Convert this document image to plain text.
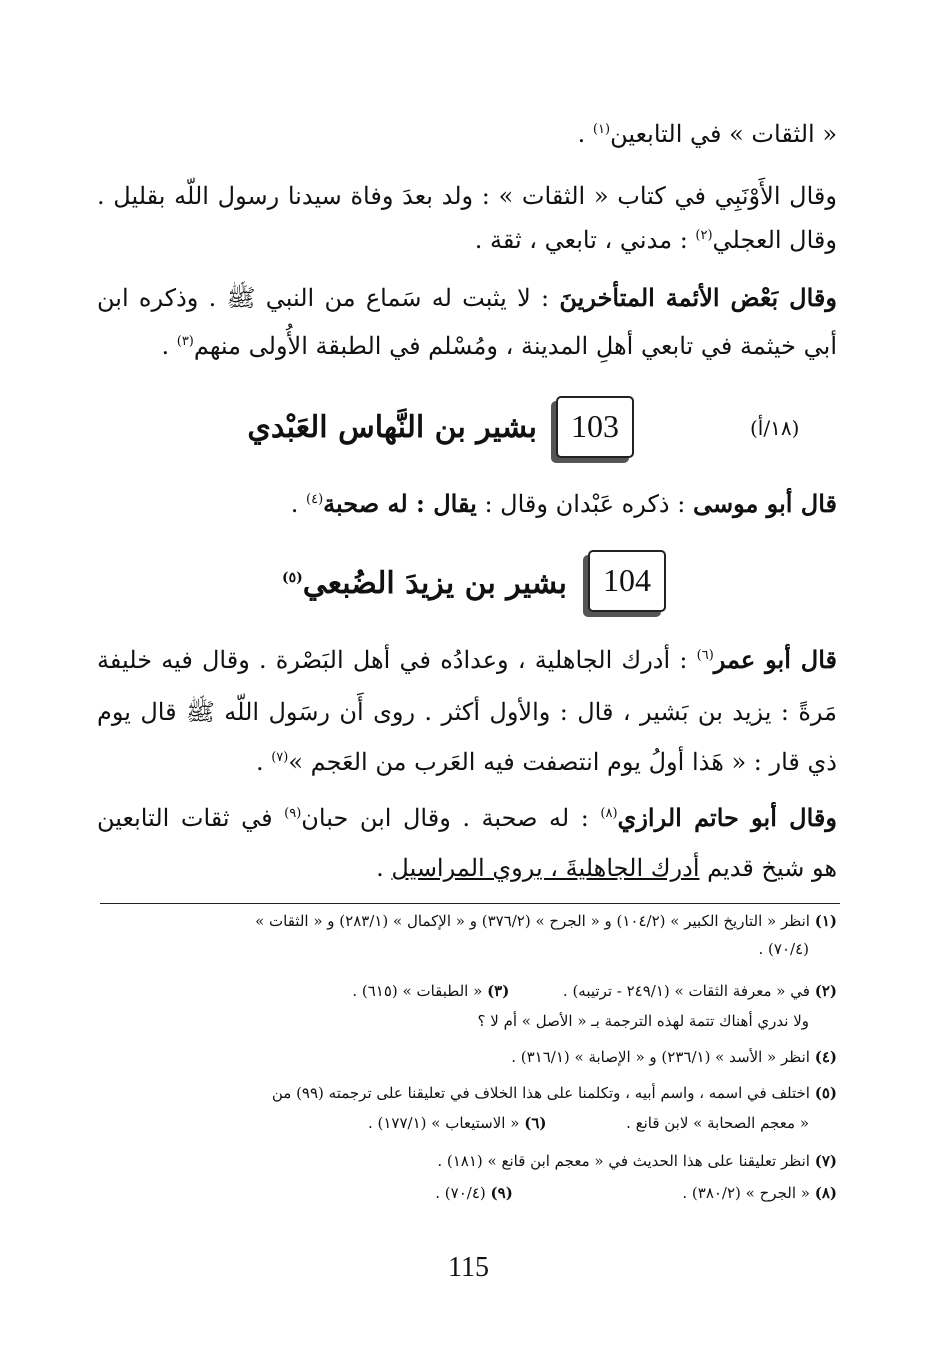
« الثقات » في التابعين$^{(١)}$ .
وقال الأَوْنَبِي في كتاب « الثقات » : ولد بعدَ وفاة سيدنا رسول اللّه بقليل .
وقال العجلي$^{(٢)}$ : مدني ، تابعي ، ثقة .
وقال بَعْض الأئمة المتأخرينَ : لا يثبت له سَماع من النبي ﷺ . وذكره ابن
أبي خيثمة في تابعي أهلِ المدينة ، ومُسْلم في الطبقة الأُولى منهم$^{(٣)}$ .
(١٨/أ)
103
بشير بن النَّهاس العَبْدي
قال أبو موسى : ذكره عَبْدان وقال : يقال : له صحبة$^{(٤)}$ .
104
بشير بن يزيدَ الضُبعي$^{(٥)}$
قال أبو عمر$^{(٦)}$ : أدرك الجاهلية ، وعدادُه في أهل البَصْرة . وقال فيه خليفة
مَرةً : يزيد بن بَشير ، قال : والأول أكثر . روى أَن رسَول اللّه ﷺ قال يوم
ذي قار : « هَذا أولُ يوم انتصفت فيه العَرب من العَجم »$^{(٧)}$ .
وقال أبو حاتم الرازي$^{(٨)}$ : له صحبة . وقال ابن حبان$^{(٩)}$ في ثقات التابعين
هو شيخ قديم أدرك الجاهليةَ ، يروي المراسيل .
(١) انظر « التاريخ الكبير » (١٠٤/٢) و « الجرح » (٣٧٦/٢) و « الإكمال » (٢٨٣/١) و « الثقات »
(٧٠/٤) .
(٢) في « معرفة الثقات » (٢٤٩/١ - ترتيبه) .  (٣) « الطبقات » (٦١٥) .
ولا ندري أهناك تتمة لهذه الترجمة بـ « الأصل » أم لا ؟
(٤) انظر « الأسد » (٢٣٦/١) و « الإصابة » (٣١٦/١) .
(٥) اختلف في اسمه ، واسم أبيه ، وتكلمنا على هذا الخلاف في تعليقنا على ترجمته (٩٩) من
« معجم الصحابة » لابن قانع .  (٦) « الاستيعاب » (١٧٧/١) .
(٧) انظر تعليقنا على هذا الحديث في « معجم ابن قانع » (١٨١) .
(٨) « الجرح » (٣٨٠/٢) .  (٩) (٧٠/٤) .
115
